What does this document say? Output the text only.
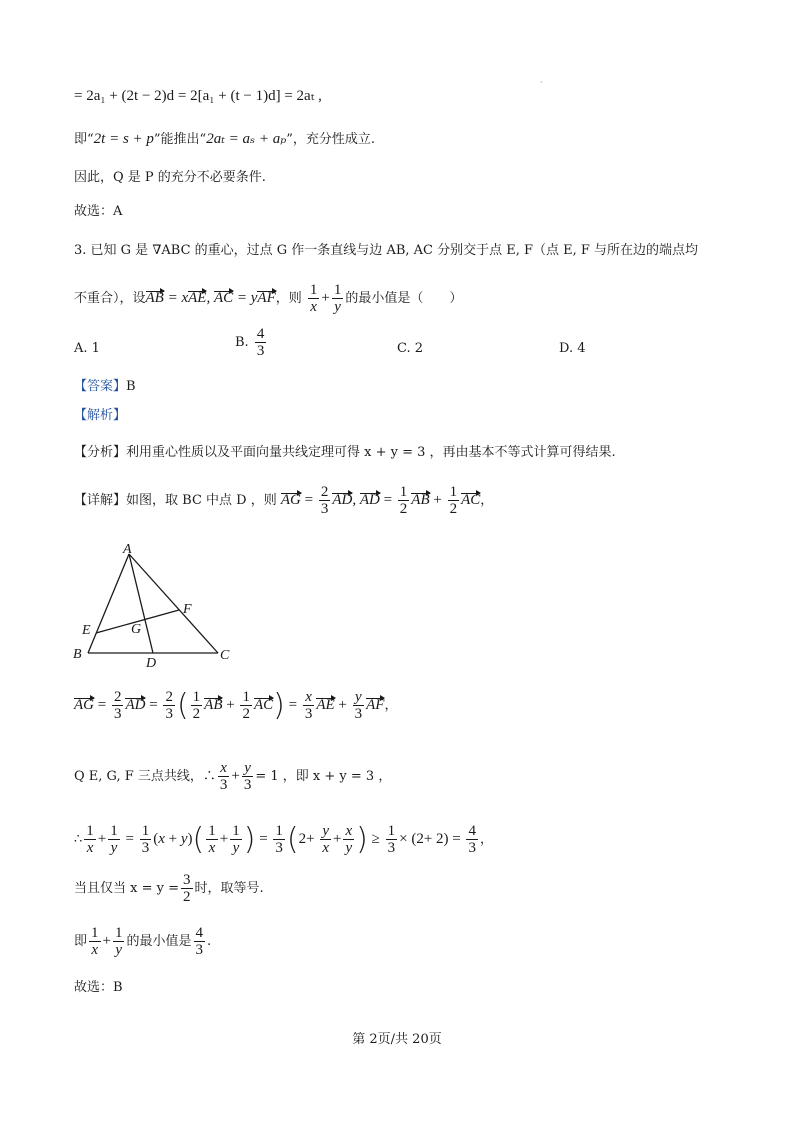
·
= 2a₁ + (2t − 2)d = 2[a₁ + (t − 1)d] = 2aₜ ,
即“2t = s + p”能推出“2aₜ = aₛ + aₚ”，充分性成立.
因此，Q 是 P 的充分不必要条件.
故选：A
3. 已知 G 是 ∇ABC 的重心，过点 G 作一条直线与边 AB, AC 分别交于点 E, F（点 E, F 与所在边的端点均
不重合），设AB = xAE, AC = yAF，则 $\frac{1}{x} + \frac{1}{y}$ 的最小值是（　　）
A. 1	B. $\frac{4}{3}$	C. 2	D. 4
【答案】B
【解析】
【分析】利用重心性质以及平面向量共线定理可得 x + y = 3 ，再由基本不等式计算可得结果.
【详解】如图，取 BC 中点 D ，则 AG = $\frac{2}{3}$ AD, AD = $\frac{1}{2}$ AB + $\frac{1}{2}$ AC，
A
B	C
D
E
F
G
AG = $\frac{2}{3}$ AD = $\frac{2}{3}$ ( $\frac{1}{2}$ AB + $\frac{1}{2} AC) = \frac{x}{3}$ AE + $\frac{y}{3}$ AF，
Q E, G, F 三点共线，∴ $\frac{x}{3} + \frac{y}{3} = 1$ ，即 x + y = 3 ，
∴ $\frac{1}{x} + \frac{1}{y} = \frac{1}{3} (x + y)( \frac{1}{x} + \frac{1}{y}$ ) = $\frac{1}{3} (2+ \frac{y}{x} + \frac{x}{y}$ ) ≥ $\frac{1}{3} \times (2+ 2) = \frac{4}{3}$ ，
当且仅当 $x = y = \frac{3}{2}$ 时，取等号.
即 $\frac{1}{x} + \frac{1}{y}$ 的最小值是 $\frac{4}{3}$ .
故选：B
第 2页/共 20页
